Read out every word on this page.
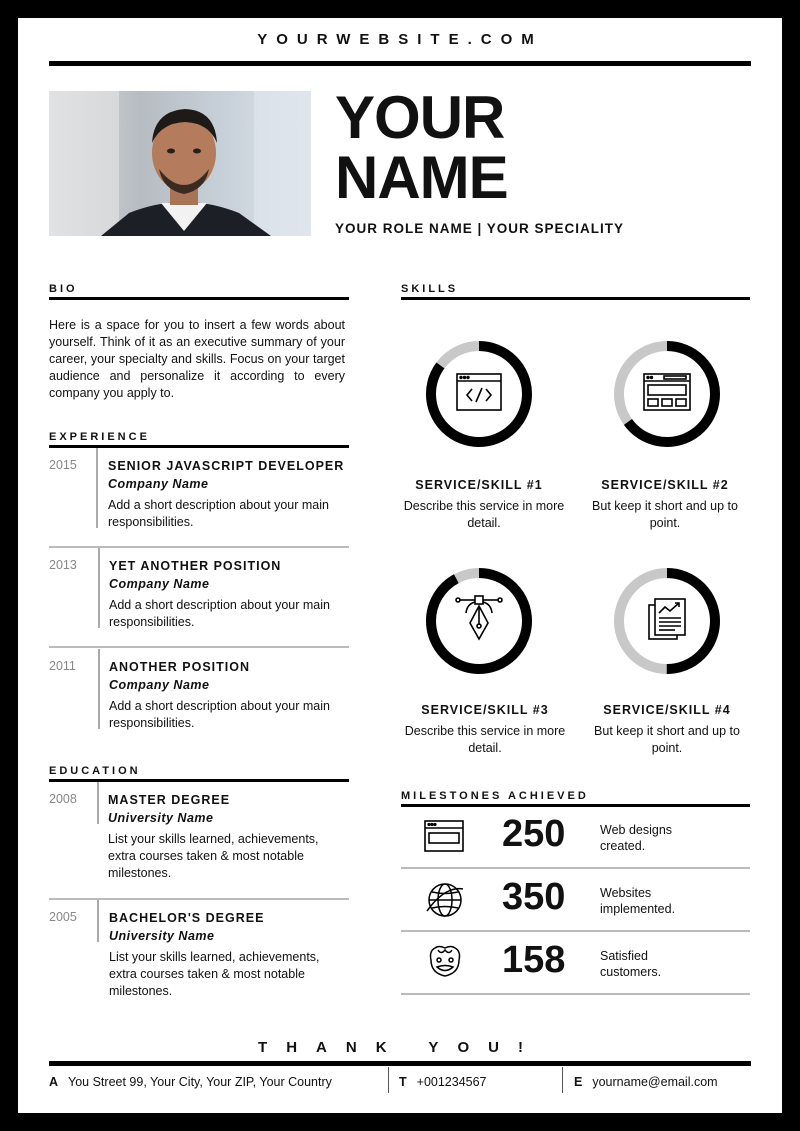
YOURWEBSITE.COM
YOUR
NAME
YOUR ROLE NAME | YOUR SPECIALITY
BIO
Here is a space for you to insert a few words about yourself. Think of it as an executive summary of your career, your specialty and skills. Focus on your target audience and personalize it according to every company you apply to.
EXPERIENCE
2015 SENIOR JAVASCRIPT DEVELOPER
Company Name
Add a short description about your main responsibilities.
2013	YET ANOTHER POSITION
Company Name
Add a short description about your main responsibilities.
2011	ANOTHER POSITION
Company Name
Add a short description about your main responsibilities.
EDUCATION
2008 MASTER DEGREE
University Name
List your skills learned, achievements, extra courses taken & most notable milestones.
2005	BACHELOR'S DEGREE
University Name
List your skills learned, achievements, extra courses taken & most notable milestones.
SKILLS
SERVICE/SKILL #1
Describe this service in more detail.
SERVICE/SKILL #2
But keep it short and up to point.
SERVICE/SKILL #3
Describe this service in more detail.
SERVICE/SKILL #4
But keep it short and up to point.
MILESTONES ACHIEVED
250	Web designs
created.
350	Websites
implemented.
158	Satisfied
customers.
THANK YOU!
A You Street 99, Your City, Your ZIP, Your Country	T +001234567	E yourname@email.com
